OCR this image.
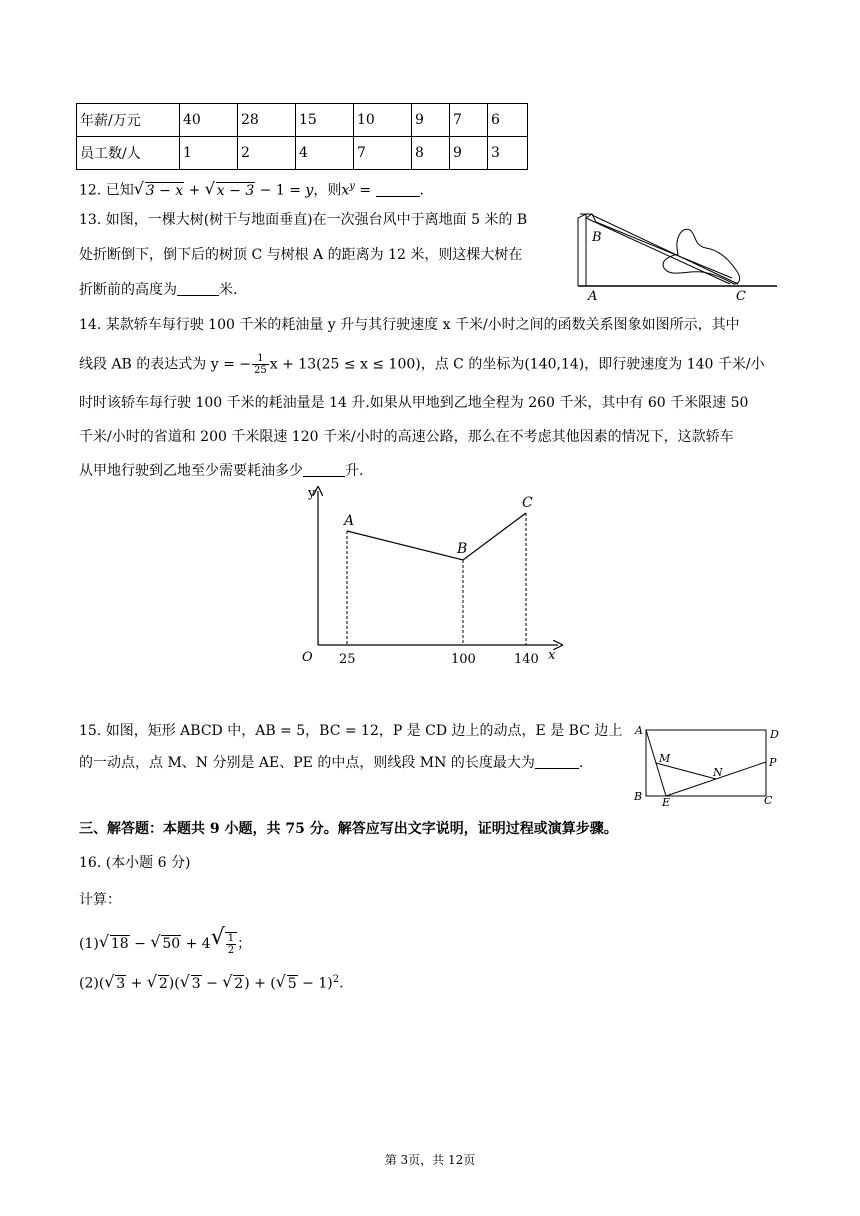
年薪/万元	40	28	15	10	9	7	6
员工数/人	1	2	4	7	8	9	3
12. 已知 √ 3 − x + √ x − 3 − 1 = y，则$x^y$ =	.
13. 如图，一棵大树(树干与地面垂直)在一次强台风中于离地面 5 米的 B
处折断倒下，倒下后的树顶 C 与树根 A 的距离为 12 米，则这棵大树在
折断前的高度为	米.
B
A	C
14. 某款轿车每行驶 100 千米的耗油量 y 升与其行驶速度 x 千米/小时之间的函数关系图象如图所示，其中
线段 AB 的表达式为 y = − $\frac{1}{25}$ x + 13(25 ≤ x ≤ 100)，点 C 的坐标为(140,14)，即行驶速度为 140 千米/小
时时该轿车每行驶 100 千米的耗油量是 14 升.如果从甲地到乙地全程为 260 千米，其中有 60 千米限速 50
千米/小时的省道和 200 千米限速 120 千米/小时的高速公路，那么在不考虑其他因素的情况下，这款轿车
从甲地行驶到乙地至少需要耗油多少	升.
y
x
O 25	100	140
A
B
C
15. 如图，矩形 ABCD 中，AB = 5，BC = 12，P 是 CD 边上的动点，E 是 BC 边上
的一动点，点 M、N 分别是 AE、PE 的中点，则线段 MN 的长度最大为	.
A	D
M
N
P
B E	C
三、解答题：本题共 9 小题，共 75 分。解答应写出文字说明，证明过程或演算步骤。
16. (本小题 6 分)
计算：
(1) √ 18 − √ 50 + 4 √ $\frac{1}{2}$ ；
(2)( √ 3 + √ 2)( √ 3 − √ 2) + ( √ 5 − 1)$^2$.
第 3页，共 12页
